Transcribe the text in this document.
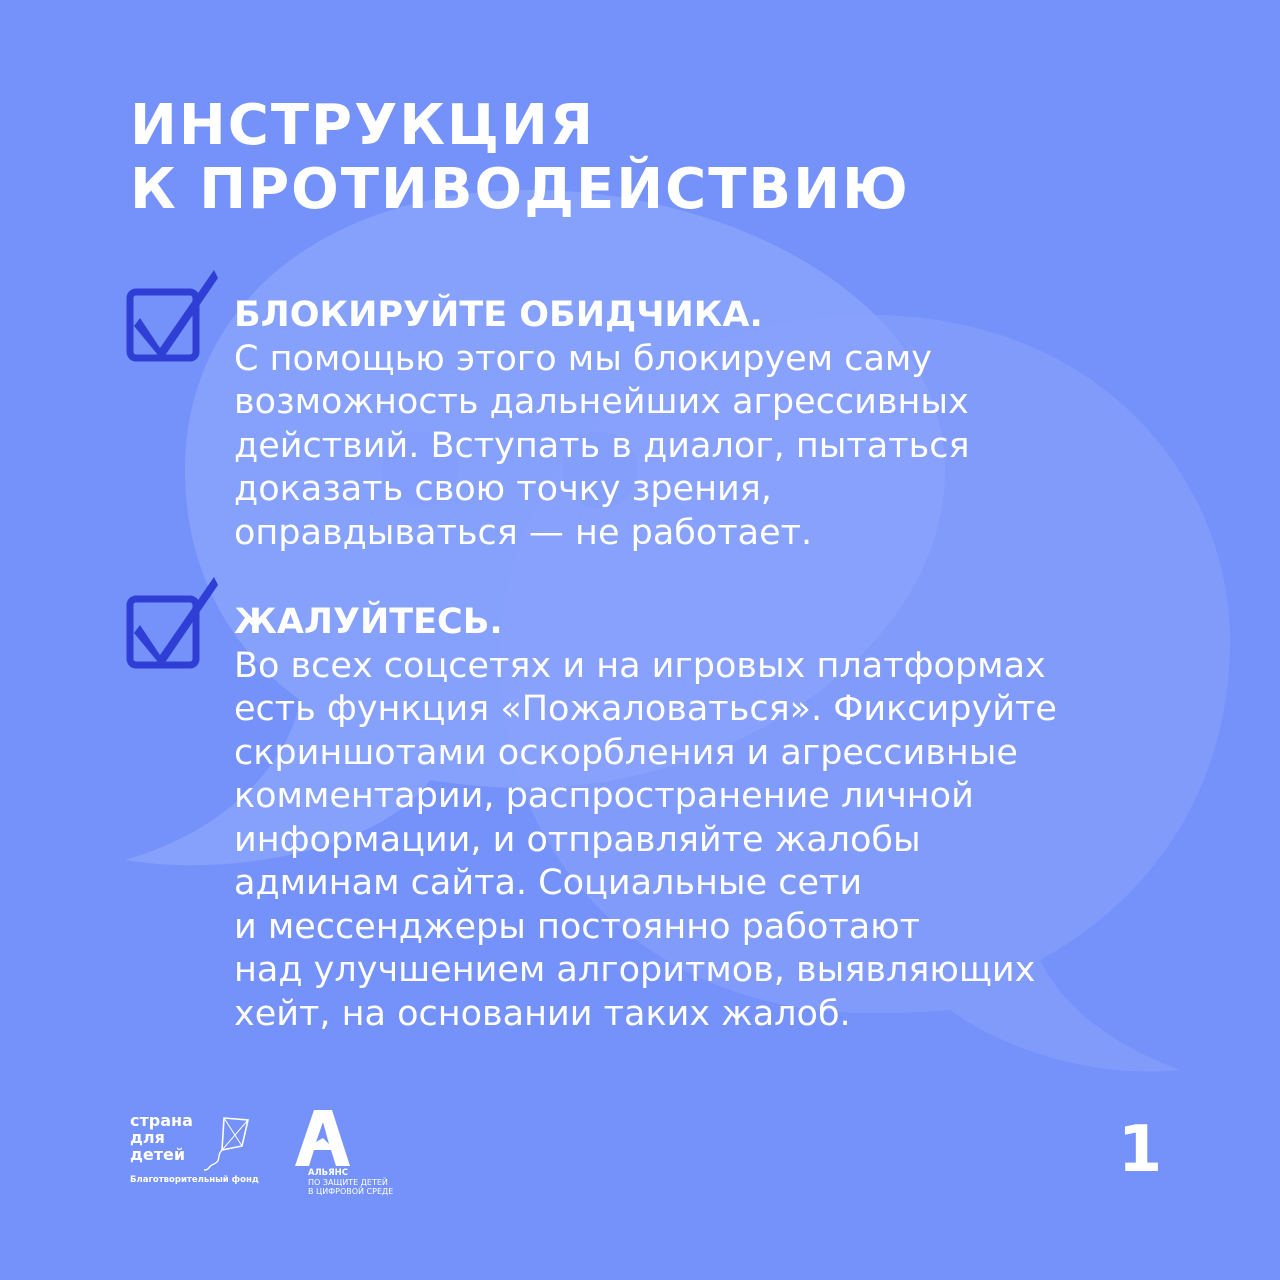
ИНСТРУКЦИЯ
К ПРОТИВОДЕЙСТВИЮ

БЛОКИРУЙТЕ ОБИДЧИКА.
С помощью этого мы блокируем саму
возможность дальнейших агрессивных
действий. Вступать в диалог, пытаться
доказать свою точку зрения,
оправдываться — не работает.

ЖАЛУЙТЕСЬ.
Во всех соцсетях и на игровых платформах
есть функция «Пожаловаться». Фиксируйте
скриншотами оскорбления и агрессивные
комментарии, распространение личной
информации, и отправляйте жалобы
админам сайта. Социальные сети
и мессенджеры постоянно работают
над улучшением алгоритмов, выявляющих
хейт, на основании таких жалоб.

страна
для
детей
Благотворительный фонд
АЛЬЯНС
ПО ЗАЩИТЕ ДЕТЕЙ
В ЦИФРОВОЙ СРЕДЕ
1
